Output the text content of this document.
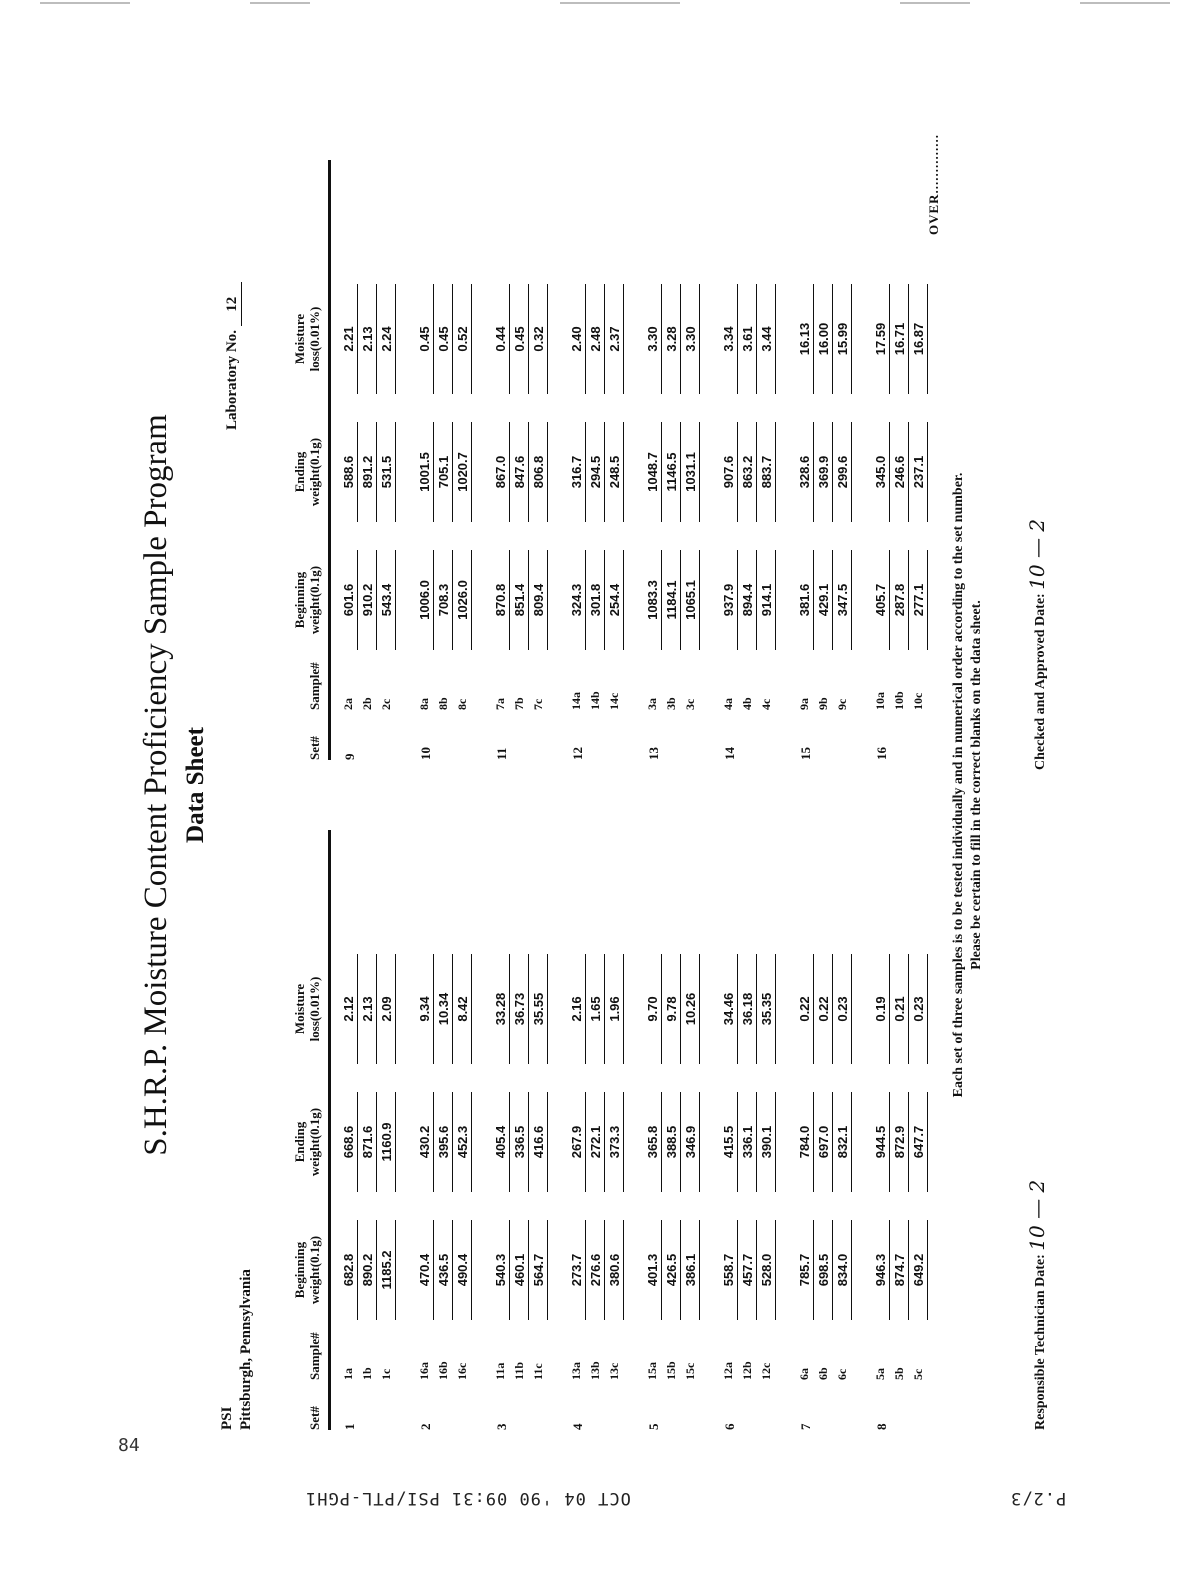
84
OCT 04 '90 09:31 PSI/PTL-PGH1	P.2/3
S.H.R.P. Moisture Content Proficiency Sample Program Data Sheet
PSI Pittsburgh, Pennsylvania
Laboratory No. 12
Set#
Sample#
Beginning
weight(0.1g)
Ending
weight(0.1g)
Moisture
loss(0.01%)
1
1a
682.8
668.6
2.12
1b
890.2
871.6
2.13
1c
1185.2
1160.9
2.09
2
16a
470.4
430.2
9.34
16b
436.5
395.6
10.34
16c
490.4
452.3
8.42
3
11a
540.3
405.4
33.28
11b
460.1
336.5
36.73
11c
564.7
416.6
35.55
4
13a
273.7
267.9
2.16
13b
276.6
272.1
1.65
13c
380.6
373.3
1.96
5
15a
401.3
365.8
9.70
15b
426.5
388.5
9.78
15c
386.1
346.9
10.26
6
12a
558.7
415.5
34.46
12b
457.7
336.1
36.18
12c
528.0
390.1
35.35
7
6a
785.7
784.0
0.22
6b
698.5
697.0
0.22
6c
834.0
832.1
0.23
8
5a
946.3
944.5
0.19
5b
874.7
872.9
0.21
5c
649.2
647.7
0.23
Set#
Sample#
Beginning
weight(0.1g)
Ending
weight(0.1g)
Moisture
loss(0.01%)
9
2a
601.6
588.6
2.21
2b
910.2
891.2
2.13
2c
543.4
531.5
2.24
10
8a
1006.0
1001.5
0.45
8b
708.3
705.1
0.45
8c
1026.0
1020.7
0.52
11
7a
870.8
867.0
0.44
7b
851.4
847.6
0.45
7c
809.4
806.8
0.32
12
14a
324.3
316.7
2.40
14b
301.8
294.5
2.48
14c
254.4
248.5
2.37
13
3a
1083.3
1048.7
3.30
3b
1184.1
1146.5
3.28
3c
1065.1
1031.1
3.30
14
4a
937.9
907.6
3.34
4b
894.4
863.2
3.61
4c
914.1
883.7
3.44
15
9a
381.6
328.6
16.13
9b
429.1
369.9
16.00
9c
347.5
299.6
15.99
16
10a
405.7
345.0
17.59
10b
287.8
246.6
16.71
10c
277.1
237.1
16.87
OVER..............
Each set of three samples is to be tested individually and in numerical order according to the set number. Please be certain to fill in the correct blanks on the data sheet.
Responsible Technician Date: 10 — 2
Checked and Approved Date: 10 — 2
